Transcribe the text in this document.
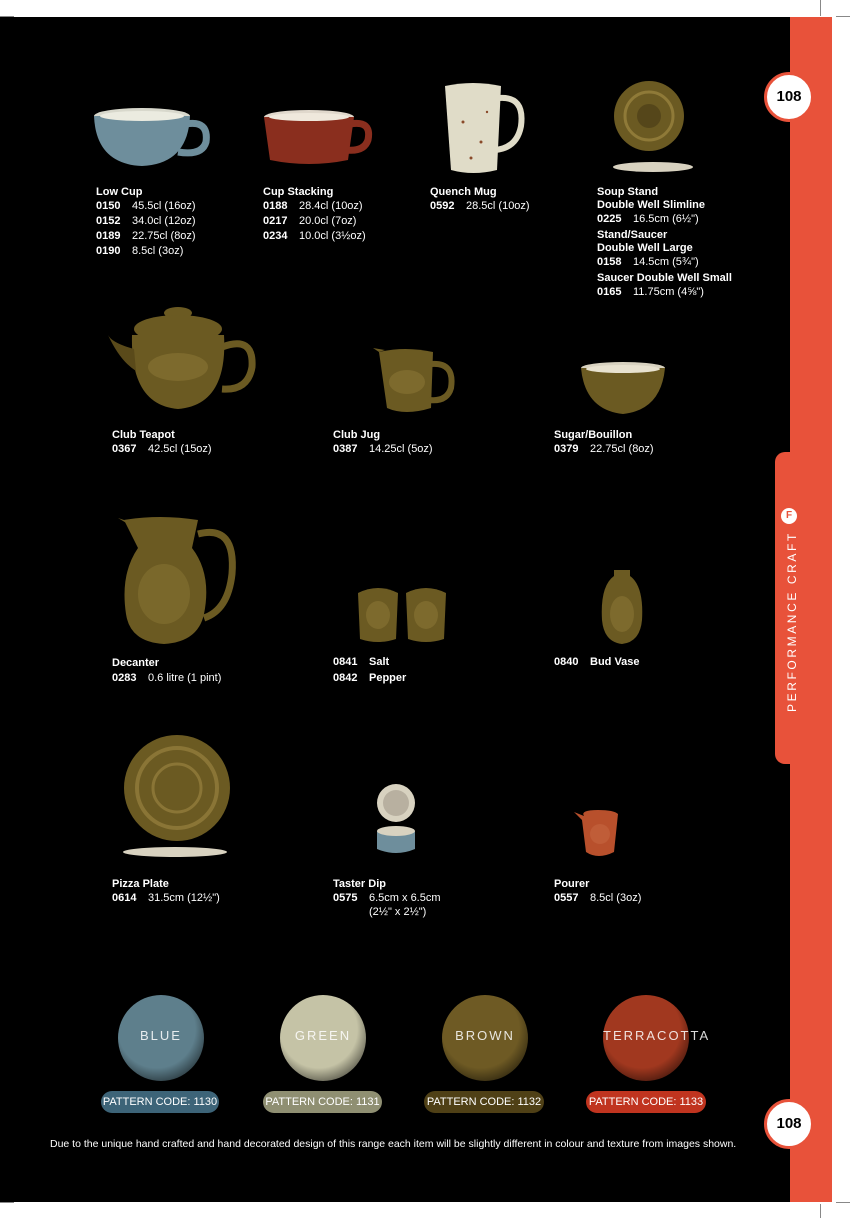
F
PERFORMANCE CRAFT
108
108
Low Cup
0150 45.5cl (16oz)
0152 34.0cl (12oz)
0189 22.75cl (8oz)
0190 8.5cl (3oz)
Cup Stacking
0188 28.4cl (10oz)
0217 20.0cl (7oz)
0234 10.0cl (3½oz)
Quench Mug
0592 28.5cl (10oz)
Soup Stand
Double Well Slimline
0225 16.5cm (6½")
Stand/Saucer
Double Well Large
0158 14.5cm (5¾")
Saucer Double Well Small
0165 11.75cm (4⅝")
Club Teapot
0367 42.5cl (15oz)
Club Jug
0387 14.25cl (5oz)
Sugar/Bouillon
0379 22.75cl (8oz)
Decanter
0283 0.6 litre (1 pint)
0841 Salt
0842 Pepper
0840 Bud Vase
Pizza Plate
0614 31.5cm (12½")
Taster Dip
0575 6.5cm x 6.5cm
(2½" x 2½")
Pourer
0557 8.5cl (3oz)
BLUE	GREEN	BROWN	TERRACOTTA
PATTERN CODE: 1130	PATTERN CODE: 1131	PATTERN CODE: 1132	PATTERN CODE: 1133
Due to the unique hand crafted and hand decorated design of this range each item will be slightly different in colour and texture from images shown.
